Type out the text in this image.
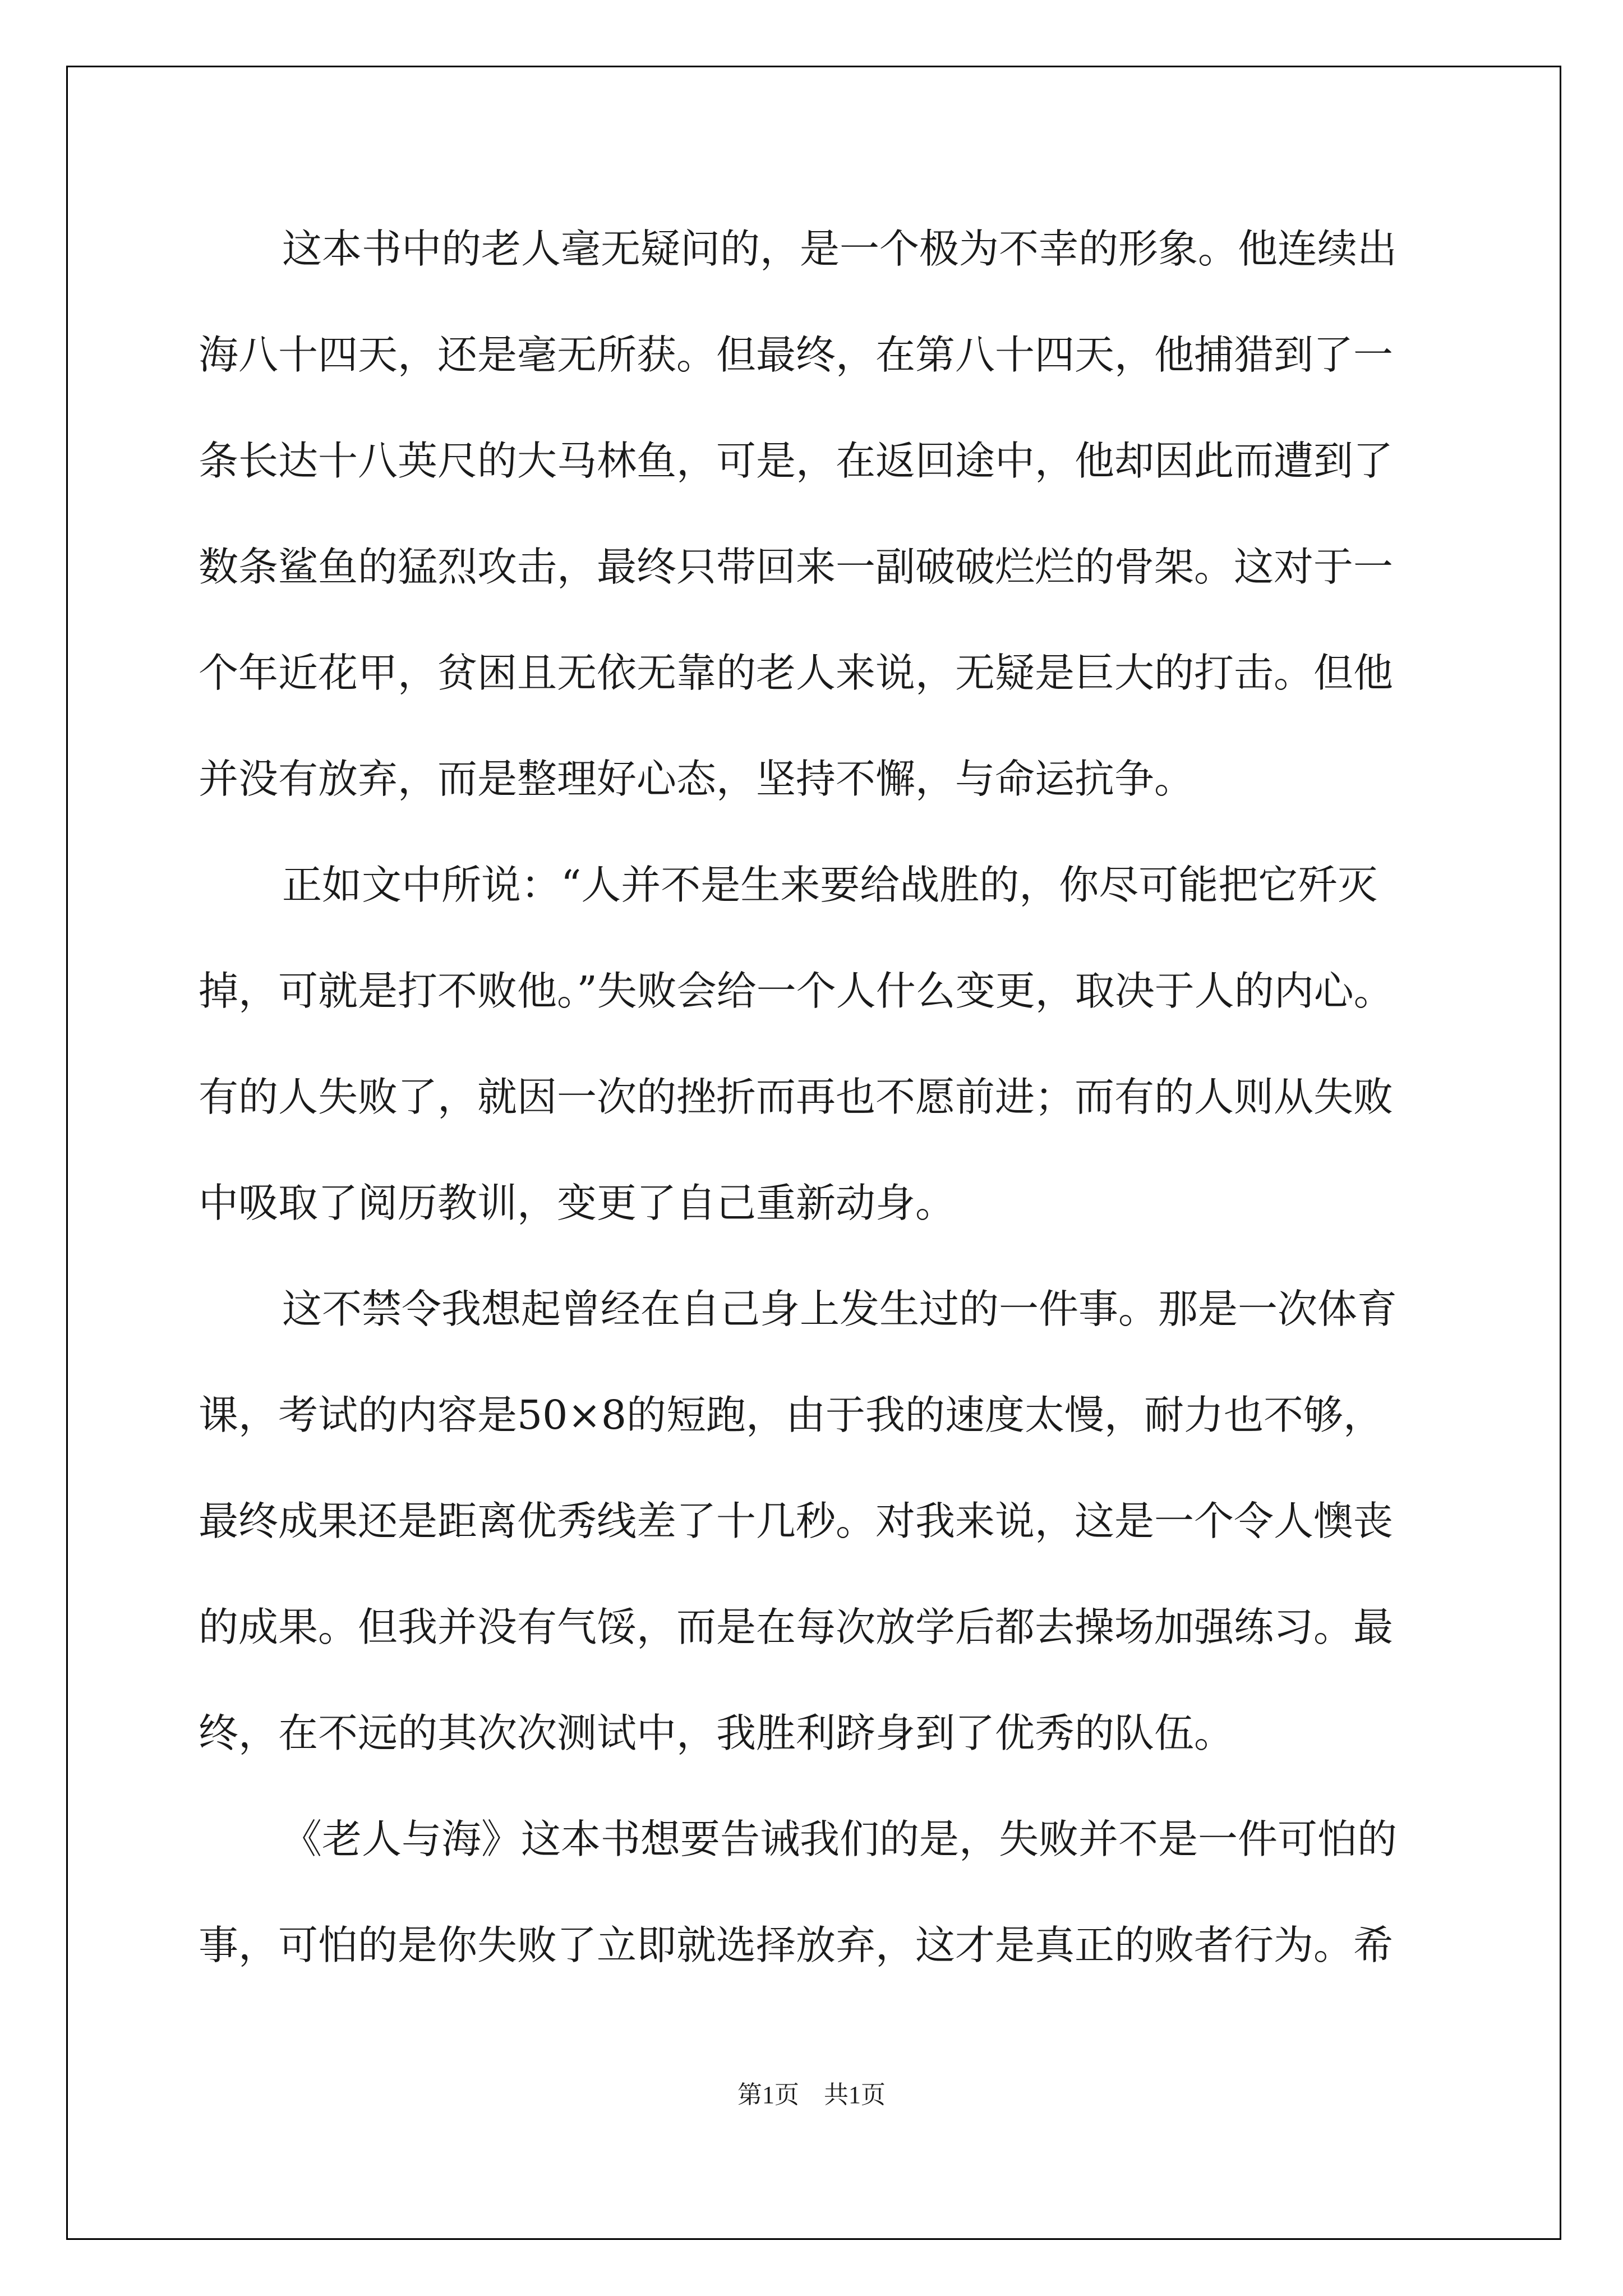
这本书中的老人毫无疑问的，是一个极为不幸的形象。他连续出
海八十四天，还是毫无所获。但最终，在第八十四天，他捕猎到了一
条长达十八英尺的大马林鱼，可是，在返回途中，他却因此而遭到了
数条鲨鱼的猛烈攻击，最终只带回来一副破破烂烂的骨架。这对于一
个年近花甲，贫困且无依无靠的老人来说，无疑是巨大的打击。但他
并没有放弃，而是整理好心态，坚持不懈，与命运抗争。
正如文中所说：“人并不是生来要给战胜的，你尽可能把它歼灭
掉，可就是打不败他。”失败会给一个人什么变更，取决于人的内心。
有的人失败了，就因一次的挫折而再也不愿前进；而有的人则从失败
中吸取了阅历教训，变更了自己重新动身。
这不禁令我想起曾经在自己身上发生过的一件事。那是一次体育
课，考试的内容是50×8的短跑，由于我的速度太慢，耐力也不够，
最终成果还是距离优秀线差了十几秒。对我来说，这是一个令人懊丧
的成果。但我并没有气馁，而是在每次放学后都去操场加强练习。最
终，在不远的其次次测试中，我胜利跻身到了优秀的队伍。
《老人与海》这本书想要告诫我们的是，失败并不是一件可怕的
事，可怕的是你失败了立即就选择放弃，这才是真正的败者行为。希
第1页　共1页
